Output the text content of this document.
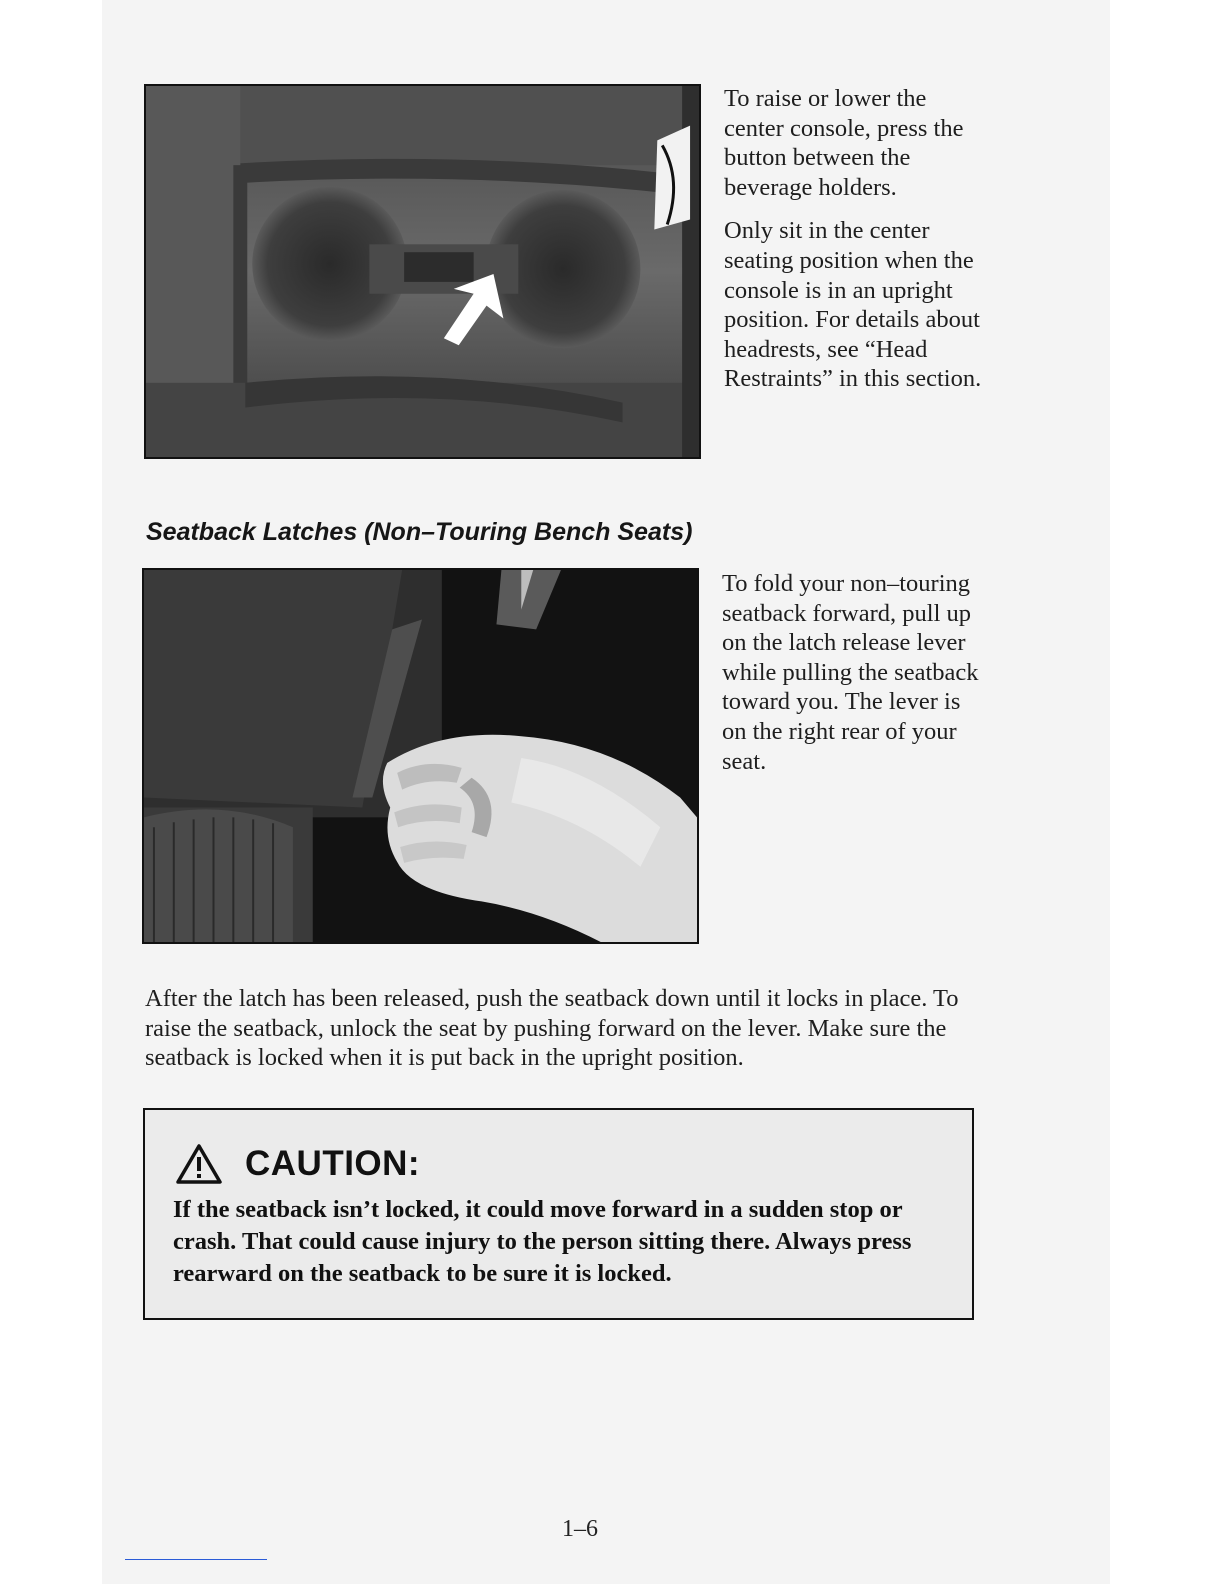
To raise or lower the center console, press the button between the beverage holders.

Only sit in the center seating position when the console is in an upright position. For details about headrests, see “Head Restraints” in this section.

Seatback Latches (Non–Touring Bench Seats)

To fold your non–touring seatback forward, pull up on the latch release lever while pulling the seatback toward you. The lever is on the right rear of your seat.

After the latch has been released, push the seatback down until it locks in place. To raise the seatback, unlock the seat by pushing forward on the lever. Make sure the seatback is locked when it is put back in the upright position.

CAUTION:

If the seatback isn’t locked, it could move forward in a sudden stop or crash. That could cause injury to the person sitting there. Always press rearward on the seatback to be sure it is locked.

1–6
